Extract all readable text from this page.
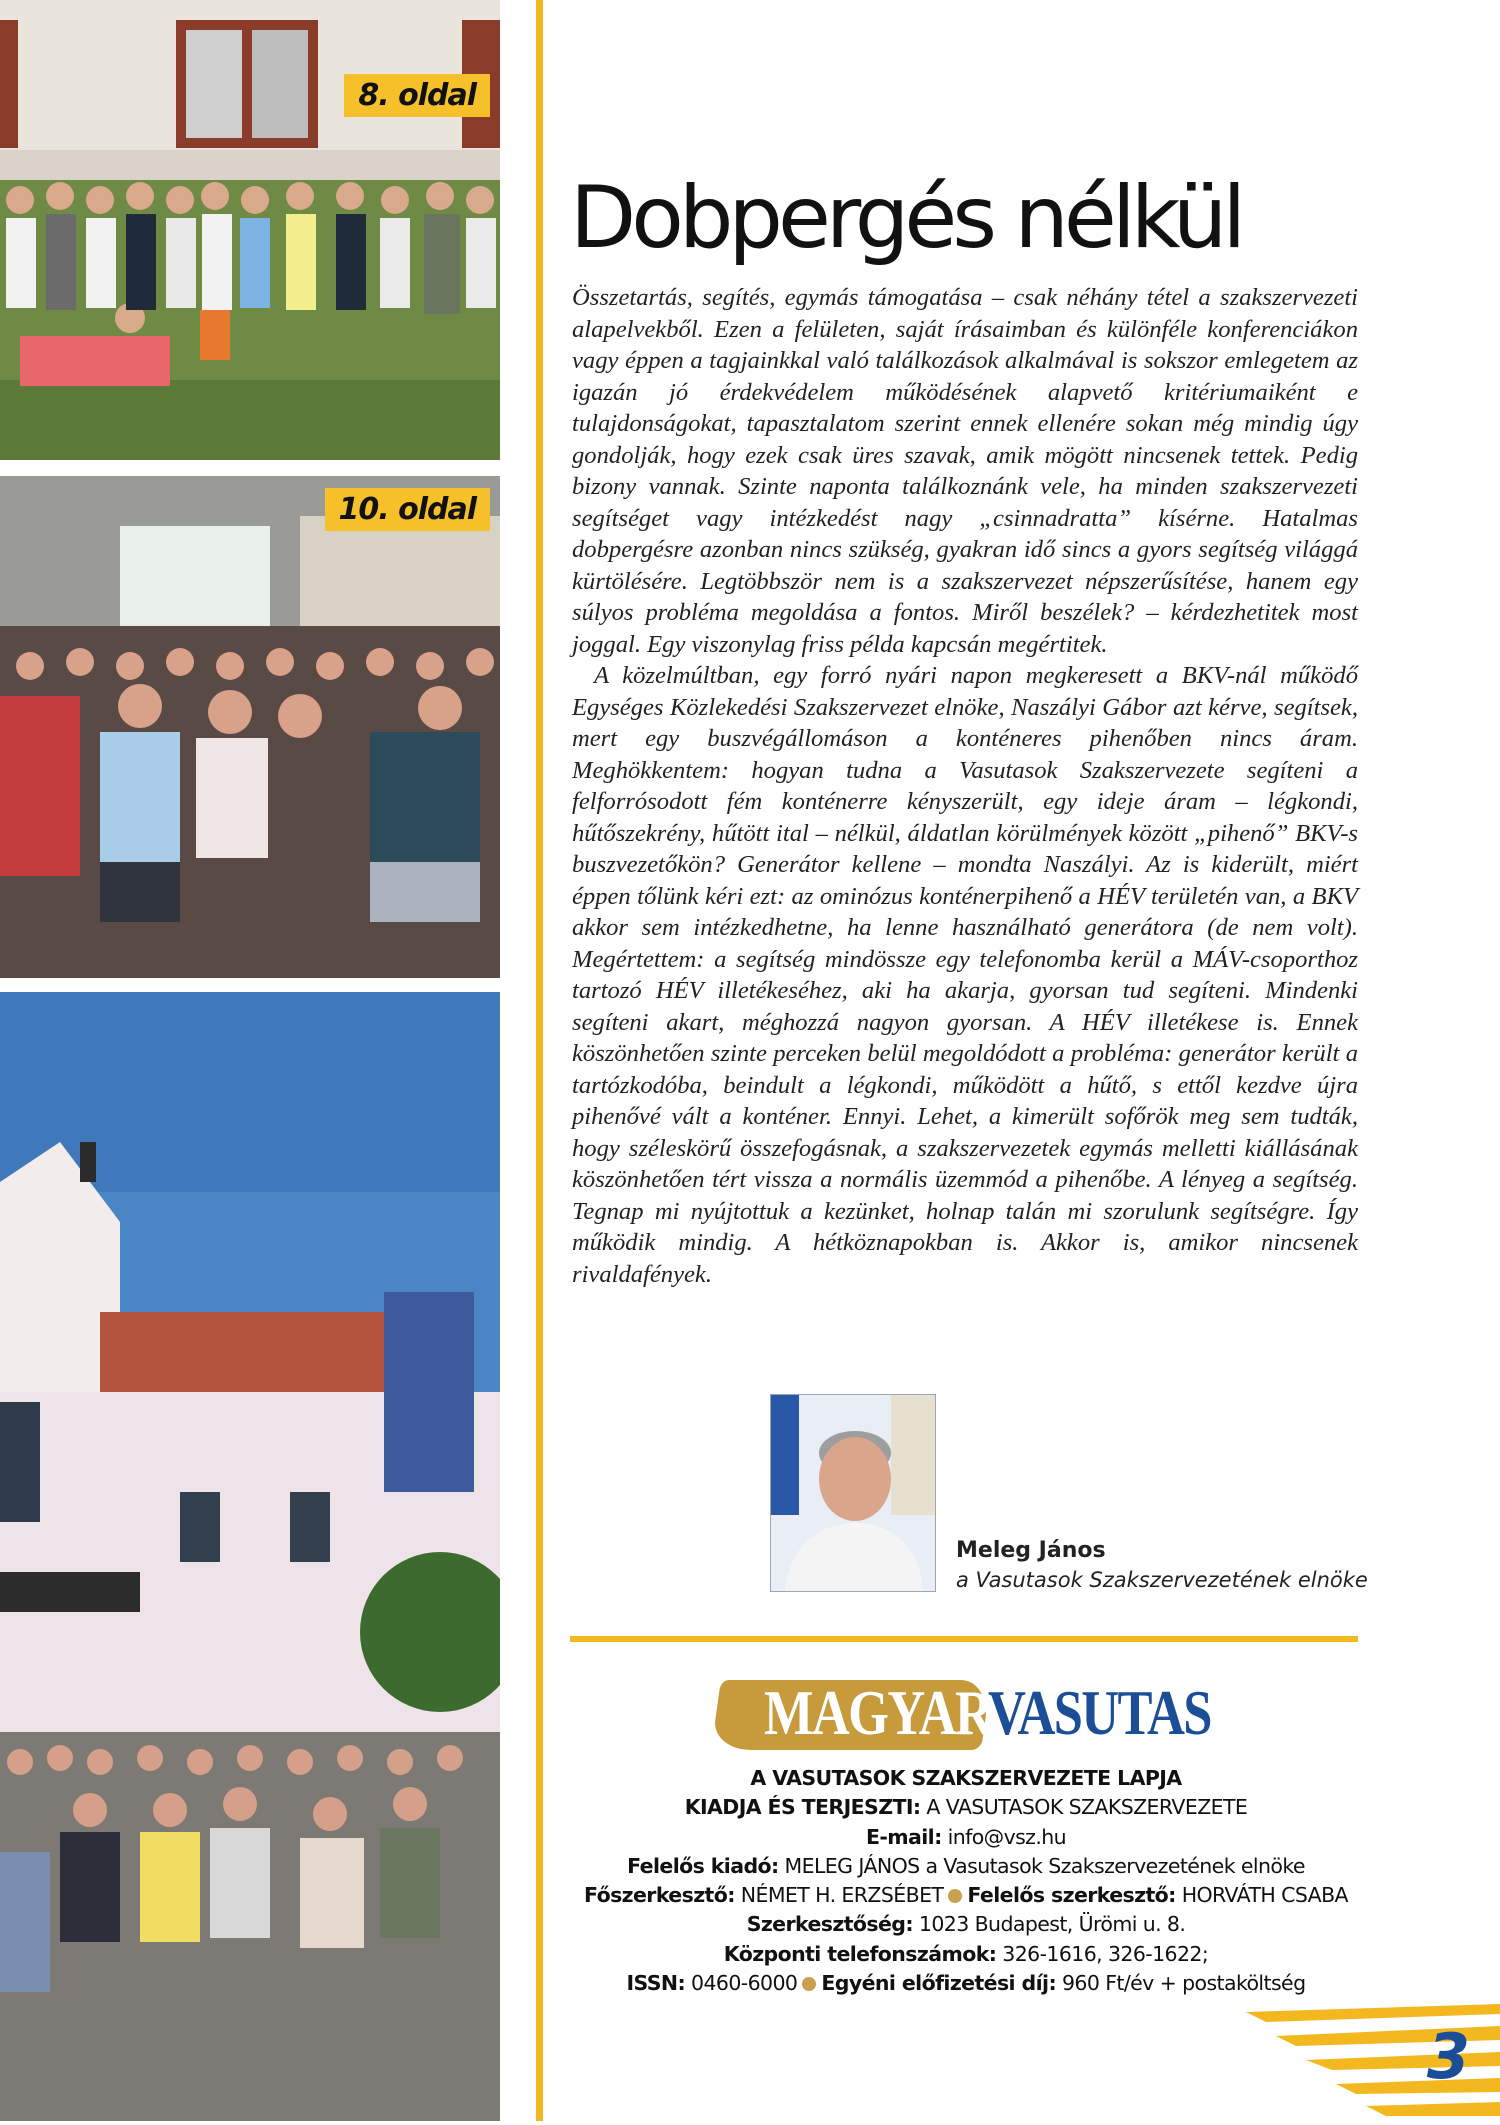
8. oldal
10. oldal
Dobpergés nélkül

Összetartás, segítés, egymás támogatása – csak néhány tétel a szakszervezeti alapelvekből. Ezen a felületen, saját írásaimban és különféle konferenciákon vagy éppen a tagjainkkal való találkozások alkalmával is sokszor emlegetem az igazán jó érdekvédelem működésének alapvető kritériumaiként e tulajdonságokat, tapasztalatom szerint ennek ellenére sokan még mindig úgy gondolják, hogy ezek csak üres szavak, amik mögött nincsenek tettek. Pedig bizony vannak. Szinte naponta találkoznánk vele, ha minden szakszervezeti segítséget vagy intézkedést nagy „csinnadratta” kísérne. Hatalmas dobpergésre azonban nincs szükség, gyakran idő sincs a gyors segítség világgá kürtölésére. Legtöbbször nem is a szakszervezet népszerűsítése, hanem egy súlyos probléma megoldása a fontos. Miről beszélek? – kérdezhetitek most joggal. Egy viszonylag friss példa kapcsán megértitek.

A közelmúltban, egy forró nyári napon megkeresett a BKV-nál működő Egységes Közlekedési Szakszervezet elnöke, Naszályi Gábor azt kérve, segítsek, mert egy buszvégállomáson a konténeres pihenőben nincs áram. Meghökkentem: hogyan tudna a Vasutasok Szakszervezete segíteni a felforrósodott fém konténerre kényszerült, egy ideje áram – légkondi, hűtőszekrény, hűtött ital – nélkül, áldatlan körülmények között „pihenő” BKV-s buszvezetőkön? Generátor kellene – mondta Naszályi. Az is kiderült, miért éppen tőlünk kéri ezt: az ominózus konténerpihenő a HÉV területén van, a BKV akkor sem intézkedhetne, ha lenne használható generátora (de nem volt). Megértettem: a segítség mindössze egy telefonomba kerül a MÁV-csoporthoz tartozó HÉV illetékeséhez, aki ha akarja, gyorsan tud segíteni. Mindenki segíteni akart, méghozzá nagyon gyorsan. A HÉV illetékese is. Ennek köszönhetően szinte perceken belül megoldódott a probléma: generátor került a tartózkodóba, beindult a légkondi, működött a hűtő, s ettől kezdve újra pihenővé vált a konténer. Ennyi. Lehet, a kimerült sofőrök meg sem tudták, hogy széleskörű összefogásnak, a szakszervezetek egymás melletti kiállásának köszönhetően tért vissza a normális üzemmód a pihenőbe. A lényeg a segítség. Tegnap mi nyújtottuk a kezünket, holnap talán mi szorulunk segítségre. Így működik mindig. A hétköznapokban is. Akkor is, amikor nincsenek rivaldafények.

Meleg János
a Vasutasok Szakszervezetének elnöke
MAGYAR
VASUTAS
A VASUTASOK SZAKSZERVEZETE LAPJA
KIADJA ÉS TERJESZTI: A VASUTASOK SZAKSZERVEZETE
E-mail: info@vsz.hu
Felelős kiadó: MELEG JÁNOS a Vasutasok Szakszervezetének elnöke
Főszerkesztő: NÉMET H. ERZSÉBET Felelős szerkesztő: HORVÁTH CSABA
Szerkesztőség: 1023 Budapest, Ürömi u. 8.
Központi telefonszámok: 326-1616, 326-1622;
ISSN: 0460-6000 Egyéni előfizetési díj: 960 Ft/év + postaköltség
3
